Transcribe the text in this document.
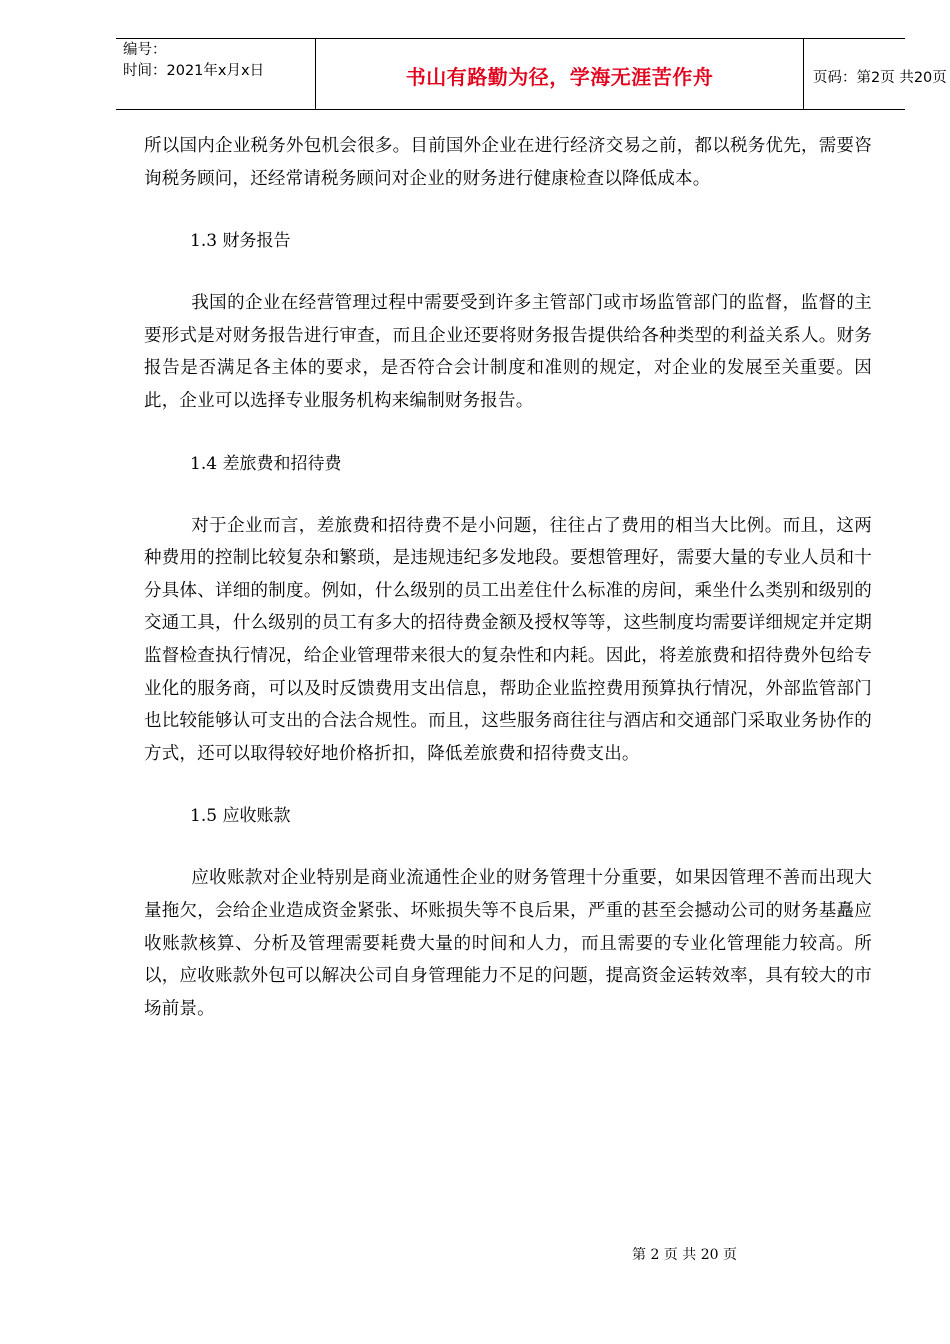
编号：
时间：2021年x月x日	书山有路勤为径，学海无涯苦作舟	页码：第2页 共20页

所以国内企业税务外包机会很多。目前国外企业在进行经济交易之前，都以税务优先，需要咨询税务顾问，还经常请税务顾问对企业的财务进行健康检查以降低成本。

1.3 财务报告

我国的企业在经营管理过程中需要受到许多主管部门或市场监管部门的监督，监督的主要形式是对财务报告进行审查，而且企业还要将财务报告提供给各种类型的利益关系人。财务报告是否满足各主体的要求，是否符合会计制度和准则的规定，对企业的发展至关重要。因此，企业可以选择专业服务机构来编制财务报告。

1.4 差旅费和招待费

对于企业而言，差旅费和招待费不是小问题，往往占了费用的相当大比例。而且，这两种费用的控制比较复杂和繁琐，是违规违纪多发地段。要想管理好，需要大量的专业人员和十分具体、详细的制度。例如，什么级别的员工出差住什么标准的房间，乘坐什么类别和级别的交通工具，什么级别的员工有多大的招待费金额及授权等等，这些制度均需要详细规定并定期监督检查执行情况，给企业管理带来很大的复杂性和内耗。因此，将差旅费和招待费外包给专业化的服务商，可以及时反馈费用支出信息，帮助企业监控费用预算执行情况，外部监管部门也比较能够认可支出的合法合规性。而且，这些服务商往往与酒店和交通部门采取业务协作的方式，还可以取得较好地价格折扣，降低差旅费和招待费支出。

1.5 应收账款

应收账款对企业特别是商业流通性企业的财务管理十分重要，如果因管理不善而出现大量拖欠，会给企业造成资金紧张、坏账损失等不良后果，严重的甚至会撼动公司的财务基矗应收账款核算、分析及管理需要耗费大量的时间和人力，而且需要的专业化管理能力较高。所以，应收账款外包可以解决公司自身管理能力不足的问题，提高资金运转效率，具有较大的市场前景。

第 2 页 共 20 页
